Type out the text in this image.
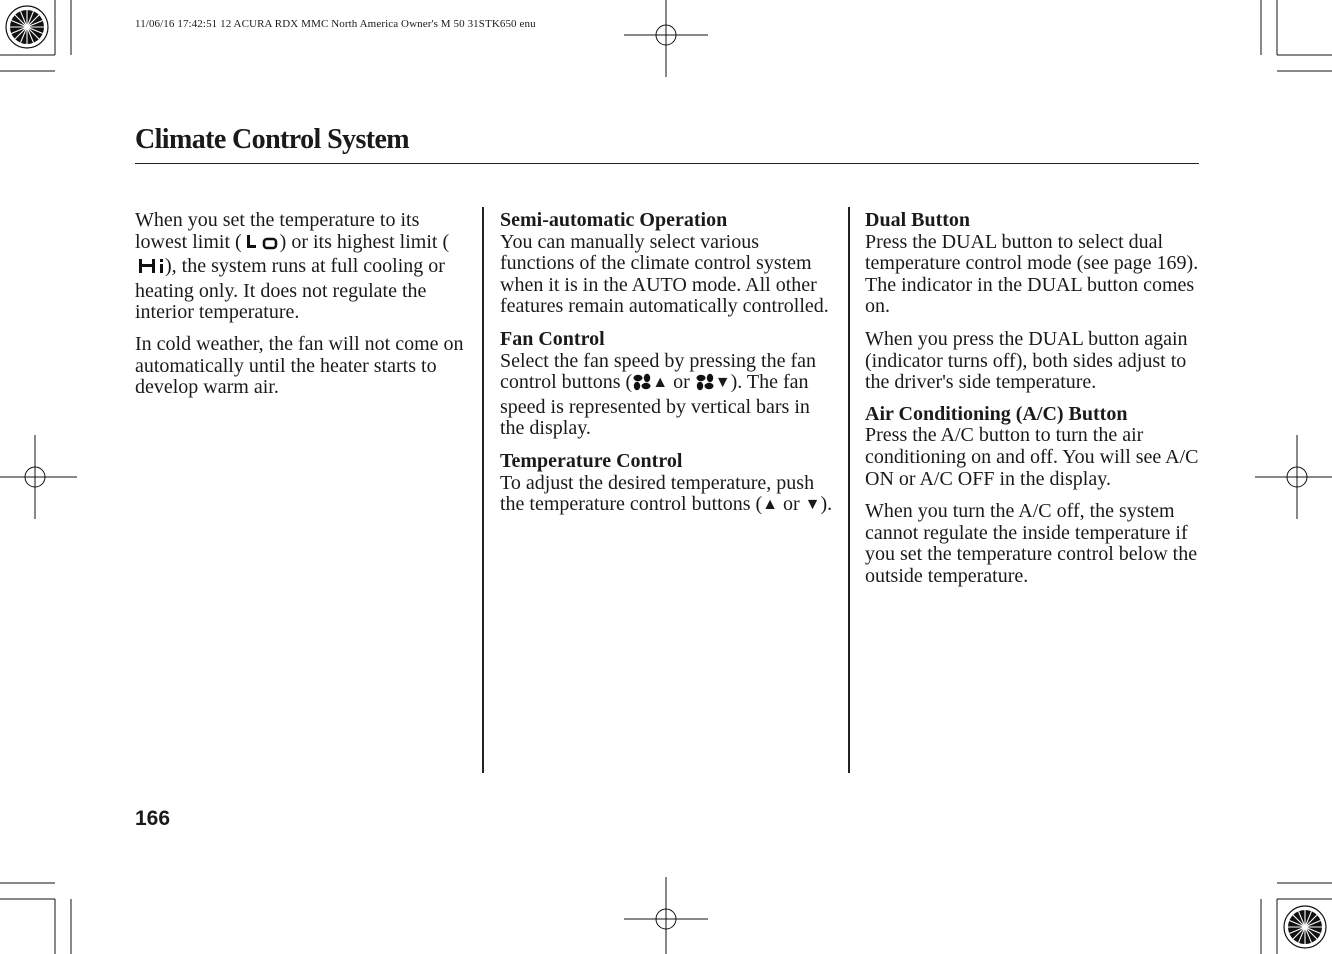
11/06/16 17:42:51 12 ACURA RDX MMC North America Owner's M 50 31STK650 enu
Climate Control System

When you set the temperature to its lowest limit ( ) or its highest limit (), the system runs at full cooling or heating only. It does not regulate the interior temperature.

In cold weather, the fan will not come on automatically until the heater starts to develop warm air.

Semi-automatic Operation
You can manually select various functions of the climate control system when it is in the AUTO mode. All other features remain automatically controlled.
Fan Control
Select the fan speed by pressing the fan control buttons ( ▲ or ▼). The fan speed is represented by vertical bars in the display.
Temperature Control
To adjust the desired temperature, push the temperature control buttons (▲ or ▼).
Dual Button
Press the DUAL button to select dual temperature control mode (see page 169). The indicator in the DUAL button comes on.

When you press the DUAL button again (indicator turns off), both sides adjust to the driver's side temperature.

Air Conditioning (A/C) Button
Press the A/C button to turn the air conditioning on and off. You will see A/C ON or A/C OFF in the display.

When you turn the A/C off, the system cannot regulate the inside temperature if you set the temperature control below the outside temperature.

166
